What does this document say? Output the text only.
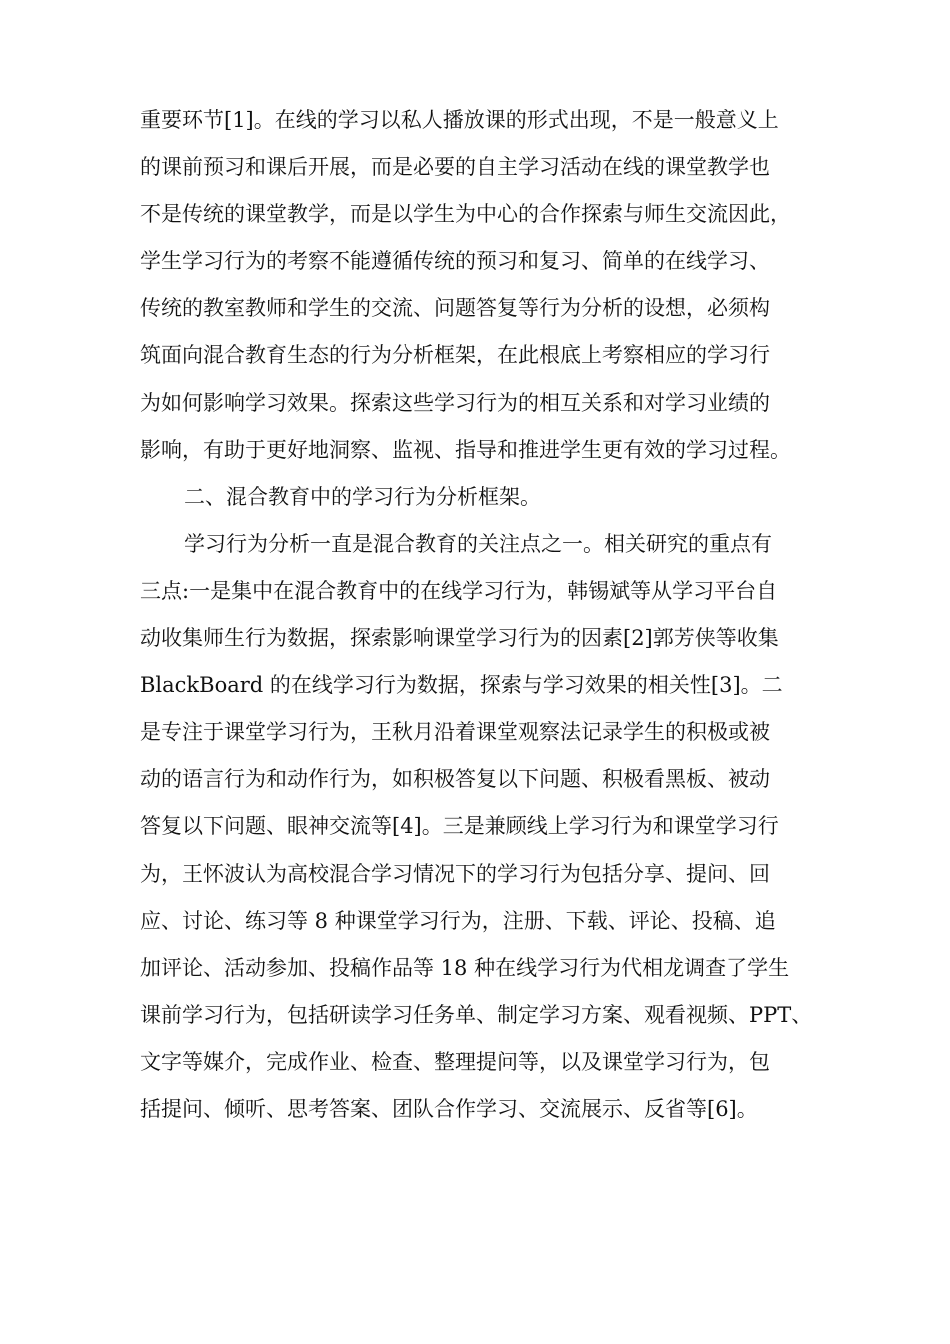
重要环节[1]。在线的学习以私人播放课的形式出现，不是一般意义上
的课前预习和课后开展，而是必要的自主学习活动在线的课堂教学也
不是传统的课堂教学，而是以学生为中心的合作探索与师生交流因此，
学生学习行为的考察不能遵循传统的预习和复习、简单的在线学习、
传统的教室教师和学生的交流、问题答复等行为分析的设想，必须构
筑面向混合教育生态的行为分析框架，在此根底上考察相应的学习行
为如何影响学习效果。探索这些学习行为的相互关系和对学习业绩的
影响，有助于更好地洞察、监视、指导和推进学生更有效的学习过程。
二、混合教育中的学习行为分析框架。
学习行为分析一直是混合教育的关注点之一。相关研究的重点有
三点:一是集中在混合教育中的在线学习行为，韩锡斌等从学习平台自
动收集师生行为数据，探索影响课堂学习行为的因素[2]郭芳侠等收集
BlackBoard 的在线学习行为数据，探索与学习效果的相关性[3]。二
是专注于课堂学习行为，王秋月沿着课堂观察法记录学生的积极或被
动的语言行为和动作行为，如积极答复以下问题、积极看黑板、被动
答复以下问题、眼神交流等[4]。三是兼顾线上学习行为和课堂学习行
为，王怀波认为高校混合学习情况下的学习行为包括分享、提问、回
应、讨论、练习等 8 种课堂学习行为，注册、下载、评论、投稿、追
加评论、活动参加、投稿作品等 18 种在线学习行为代相龙调查了学生
课前学习行为，包括研读学习任务单、制定学习方案、观看视频、PPT、
文字等媒介，完成作业、检查、整理提问等，以及课堂学习行为，包
括提问、倾听、思考答案、团队合作学习、交流展示、反省等[6]。
